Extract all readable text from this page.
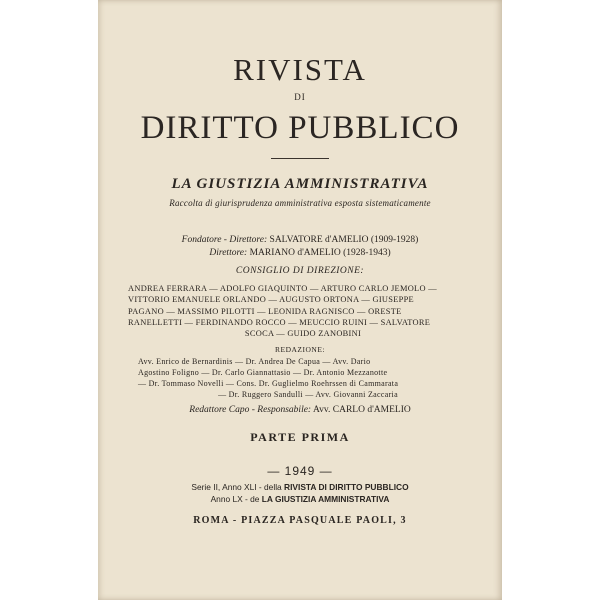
RIVISTA
DI
DIRITTO PUBBLICO
LA GIUSTIZIA AMMINISTRATIVA
Raccolta di giurisprudenza amministrativa esposta sistematicamente
Fondatore - Direttore: SALVATORE d'AMELIO (1909-1928)
Direttore: MARIANO d'AMELIO (1928-1943)
CONSIGLIO DI DIREZIONE:
ANDREA FERRARA — ADOLFO GIAQUINTO — ARTURO CARLO JEMOLO —
VITTORIO EMANUELE ORLANDO — AUGUSTO ORTONA — GIUSEPPE
PAGANO — MASSIMO PILOTTI — LEONIDA RAGNISCO — ORESTE
RANELLETTI — FERDINANDO ROCCO — MEUCCIO RUINI — SALVATORE
SCOCA — GUIDO ZANOBINI
REDAZIONE:
Avv. Enrico de Bernardinis — Dr. Andrea De Capua — Avv. Dario
Agostino Foligno — Dr. Carlo Giannattasio — Dr. Antonio Mezzanotte
— Dr. Tommaso Novelli — Cons. Dr. Guglielmo Roehrssen di Cammarata
— Dr. Ruggero Sandulli — Avv. Giovanni Zaccaria
Redattore Capo - Responsabile: Avv. CARLO d'AMELIO
PARTE PRIMA
— 1949 —
Serie II, Anno XLI - della RIVISTA DI DIRITTO PUBBLICO
Anno LX - de LA GIUSTIZIA AMMINISTRATIVA
ROMA - PIAZZA PASQUALE PAOLI, 3
